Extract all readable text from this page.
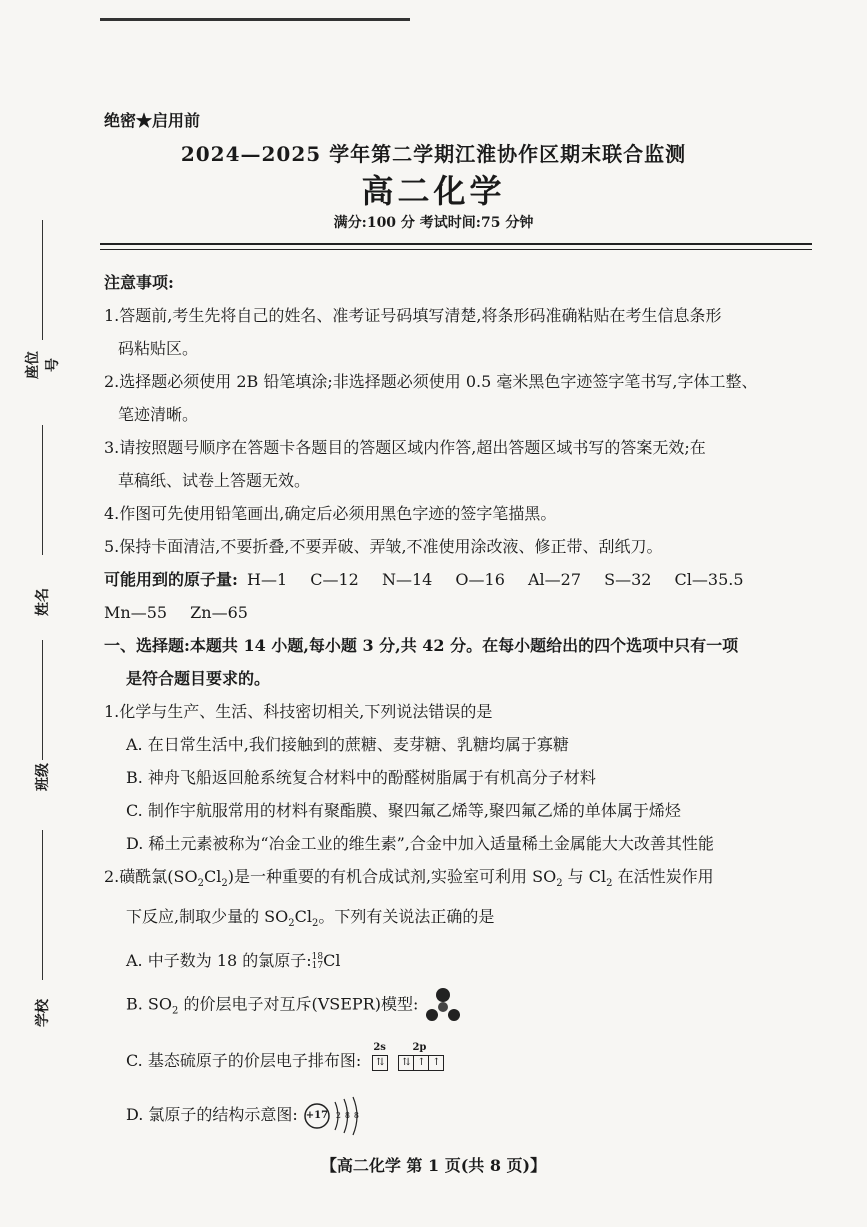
绝密★启用前
2024—2025 学年第二学期江淮协作区期末联合监测
高二化学
满分:100 分 考试时间:75 分钟
座位号
姓名
班级
学校

注意事项:

1.答题前,考生先将自己的姓名、准考证号码填写清楚,将条形码准确粘贴在考生信息条形

码粘贴区。

2.选择题必须使用 2B 铅笔填涂;非选择题必须使用 0.5 毫米黑色字迹签字笔书写,字体工整、

笔迹清晰。

3.请按照题号顺序在答题卡各题目的答题区域内作答,超出答题区域书写的答案无效;在

草稿纸、试卷上答题无效。

4.作图可先使用铅笔画出,确定后必须用黑色字迹的签字笔描黑。

5.保持卡面清洁,不要折叠,不要弄破、弄皱,不准使用涂改液、修正带、刮纸刀。

可能用到的原子量: H—1 C—12 N—14 O—16 Al—27 S—32 Cl—35.5

Mn—55 Zn—65

一、选择题:本题共 14 小题,每小题 3 分,共 42 分。在每小题给出的四个选项中只有一项

是符合题目要求的。

1.化学与生产、生活、科技密切相关,下列说法错误的是

A. 在日常生活中,我们接触到的蔗糖、麦芽糖、乳糖均属于寡糖

B. 神舟飞船返回舱系统复合材料中的酚醛树脂属于有机高分子材料

C. 制作宇航服常用的材料有聚酯膜、聚四氟乙烯等,聚四氟乙烯的单体属于烯烃

D. 稀土元素被称为“冶金工业的维生素”,合金中加入适量稀土金属能大大改善其性能

2.磺酰氯$(SO_2Cl_2)$是一种重要的有机合成试剂,实验室可利用 $SO_2$ 与 $Cl_2$ 在活性炭作用

下反应,制取少量的 $SO_2Cl_2$。下列有关说法正确的是

A. 中子数为 18 的氯原子:18
17Cl

B. $SO_2$ 的价层电子对互斥(VSEPR)模型:

C. 基态硫原子的价层电子排布图:
2s
⇅
2p
⇅ ↑ ↑

D. 氯原子的结构示意图: +17 2 8 8

【高二化学 第 1 页(共 8 页)】
